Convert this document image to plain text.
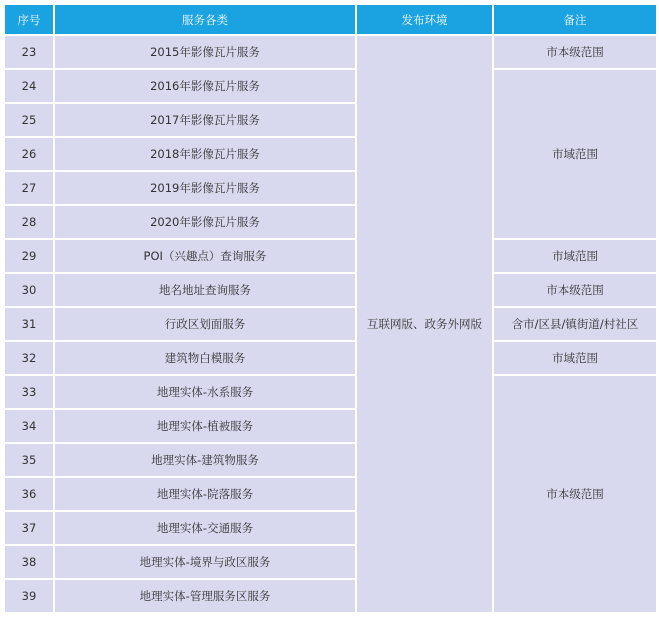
序号	服务各类	发布环境	备注
23	2015年影像瓦片服务	互联网版、政务外网版	市本级范围
24	2016年影像瓦片服务		市域范围
25	2017年影像瓦片服务		
26	2018年影像瓦片服务		
27	2019年影像瓦片服务		
28	2020年影像瓦片服务		
29	POI（兴趣点）查询服务		市域范围
30	地名地址查询服务		市本级范围
31	行政区划面服务		含市/区县/镇街道/村社区
32	建筑物白模服务		市域范围
33	地理实体-水系服务		市本级范围
34	地理实体-植被服务		
35	地理实体-建筑物服务		
36	地理实体-院落服务		
37	地理实体-交通服务		
38	地理实体-境界与政区服务		
39	地理实体-管理服务区服务		
